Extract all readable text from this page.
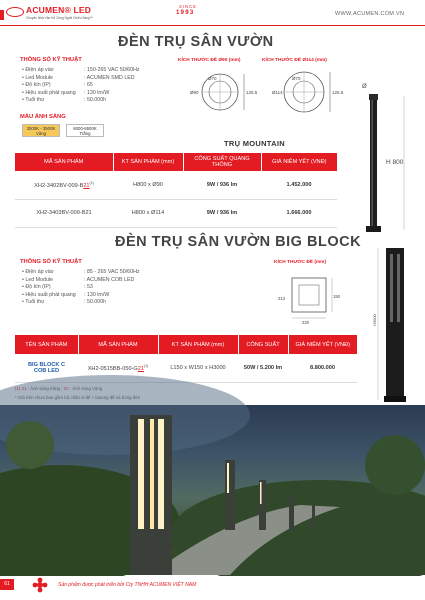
ACUMEN® LED
Chuyên Nhà Vận Hỗ Công Nghệ Chiếu Sáng™
SINCE
1993	WWW.ACUMEN.COM.VN
ĐÈN TRỤ SÂN VƯỜN
THÔNG SỐ KỸ THUẬT
• Điện áp vào	: 150-265 VAC 50/60Hz
• Led Module	: ACUMEN SMD LED
• Độ kín (IP)	: 65
• Hiệu suất phát quang	: 130 lm/W
• Tuổi thọ	: 50.000h
KÍCH THƯỚC ĐẾ Ø90 (mm)	KÍCH THƯỚC ĐẾ Ø114 (mm)
Ø70
Ø90	125.5
Ø70
Ø114	125.5
MÀU ÁNH SÁNG
3000K - 3500K
Vàng
6000-6500K
Trắng
TRỤ MOUNTAIN
MÃ SẢN PHẨM	KT SẢN PHẨM (mm)	CÔNG SUẤT QUANG THÔNG	GIÁ NIÊM YẾT (VNĐ)
XH2-3402BV-009-B21$^{(1)}$	H800 x Ø90	9W / 936 lm	1.452.000
XH2-3403BV-009-B21	H800 x Ø114	9W / 936 lm	1.666.000
Ø
H 800
ĐÈN TRỤ SÂN VƯỜN BIG BLOCK
THÔNG SỐ KỸ THUẬT
• Điện áp vào	: 85 - 265 VAC 50/60Hz
• Led Module	: ACUMEN COB LED
• Độ kín (IP)	: 53
• Hiệu suất phát quang	: 130 lm/W
• Tuổi thọ	: 50.000h
KÍCH THƯỚC ĐẾ (mm)
220
150
213
H3000
TÊN SẢN PHẨM	MÃ SẢN PHẨM	KT SẢN PHẨM (mm)	CÔNG SUẤT	GIÁ NIÊM YẾT (VNĐ)

BIG BLOCK C
COB LED	XH2-0515BB-050-G21$^{(1)}$	L150 x W150 x H3000	50W / 5.200 lm	8.800.000
61	Sản phẩm được phát triển bởi Cty TNHH ACUMEN VIỆT NAM
